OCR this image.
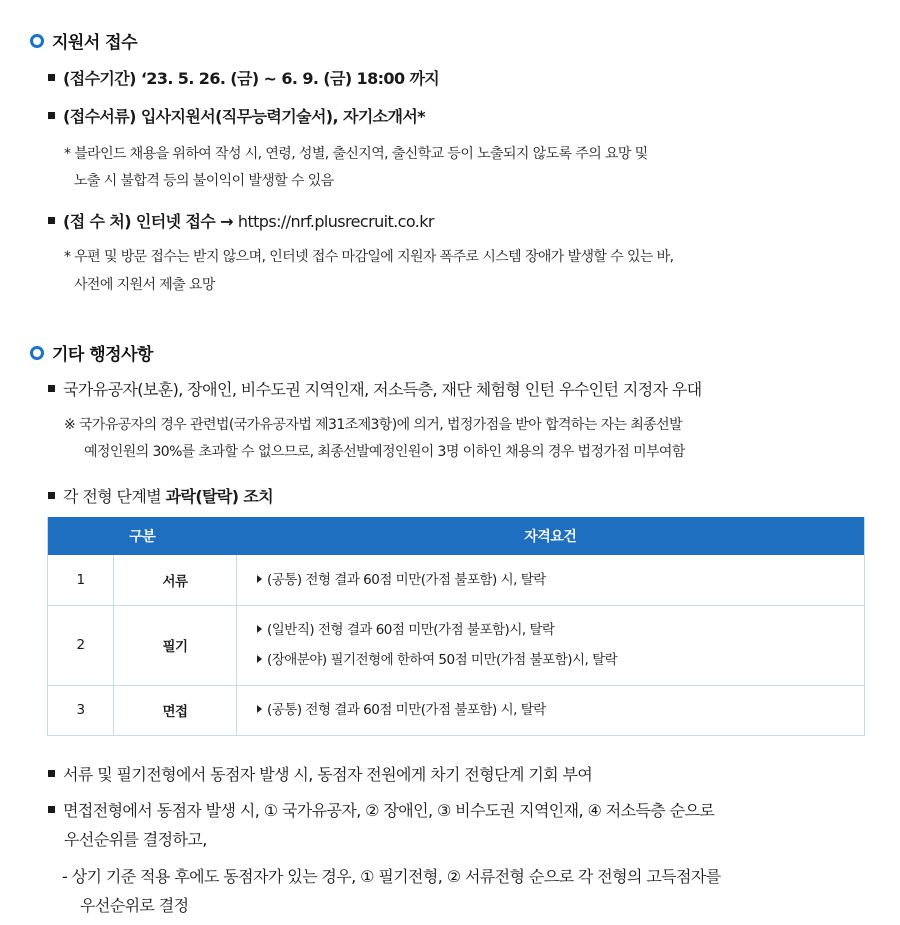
지원서 접수
(접수기간) ‘23. 5. 26. (금) ~ 6. 9. (금) 18:00 까지
(접수서류) 입사지원서(직무능력기술서), 자기소개서*
* 블라인드 채용을 위하여 작성 시, 연령, 성별, 출신지역, 출신학교 등이 노출되지 않도록 주의 요망 및
노출 시 불합격 등의 불이익이 발생할 수 있음
(접 수 처) 인터넷 접수 → https://nrf.plusrecruit.co.kr
* 우편 및 방문 접수는 받지 않으며, 인터넷 접수 마감일에 지원자 폭주로 시스템 장애가 발생할 수 있는 바,
사전에 지원서 제출 요망
기타 행정사항
국가유공자(보훈), 장애인, 비수도권 지역인재, 저소득층, 재단 체험형 인턴 우수인턴 지정자 우대
※ 국가유공자의 경우 관련법(국가유공자법 제31조제3항)에 의거, 법정가점을 받아 합격하는 자는 최종선발
예정인원의 30%를 초과할 수 없으므로, 최종선발예정인원이 3명 이하인 채용의 경우 법정가점 미부여함
각 전형 단계별 과락(탈락) 조치
구분		자격요건
1	서류	(공통) 전형 결과 60점 미만(가점 불포함) 시, 탈락

2	필기	(일반직) 전형 결과 60점 미만(가점 불포함)시, 탈락
(장애분야) 필기전형에 한하여 50점 미만(가점 불포함)시, 탈락

3	면접	(공통) 전형 결과 60점 미만(가점 불포함) 시, 탈락
서류 및 필기전형에서 동점자 발생 시, 동점자 전원에게 차기 전형단계 기회 부여
면접전형에서 동점자 발생 시, ① 국가유공자, ② 장애인, ③ 비수도권 지역인재, ④ 저소득층 순으로
우선순위를 결정하고,
- 상기 기준 적용 후에도 동점자가 있는 경우, ① 필기전형, ② 서류전형 순으로 각 전형의 고득점자를
우선순위로 결정
